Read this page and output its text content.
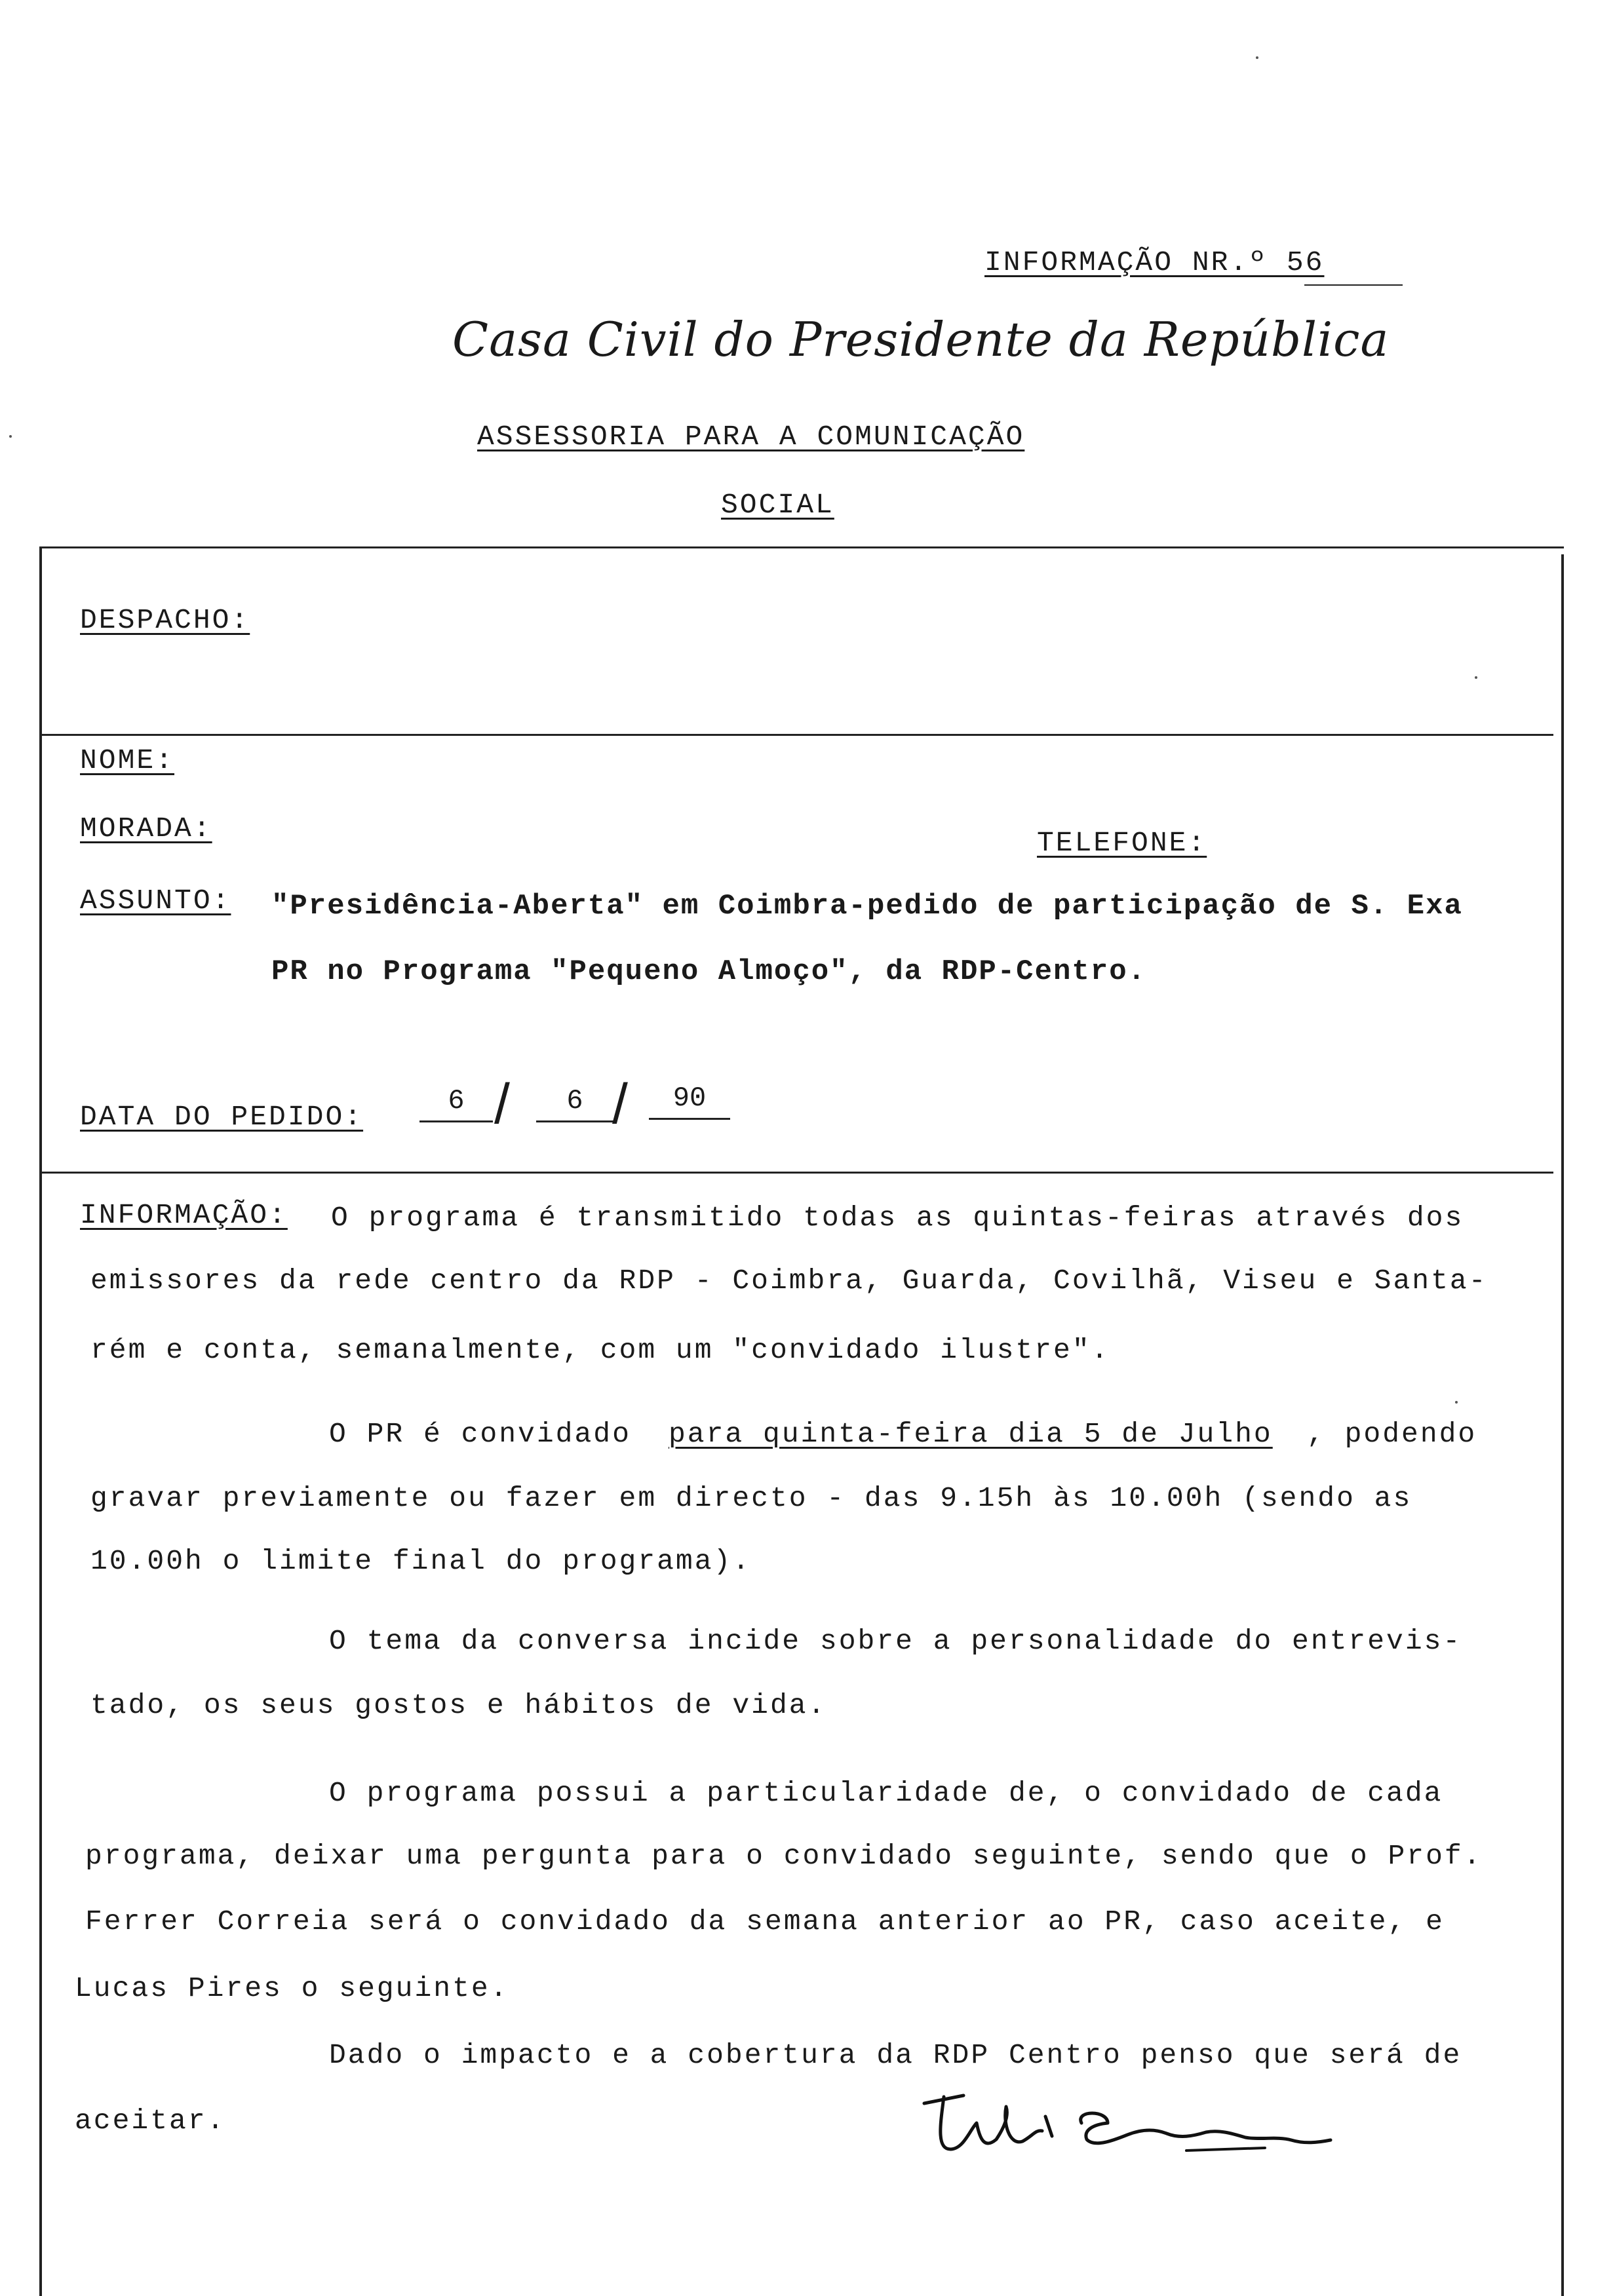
INFORMAÇÃO NR.º 56
Casa Civil do Presidente da República
ASSESSORIA PARA A COMUNICAÇÃO
SOCIAL
DESPACHO:
NOME:
MORADA:	TELEFONE:
ASSUNTO: "Presidência-Aberta" em Coimbra-pedido de participação de S. Exa
PR no Programa "Pequeno Almoço", da RDP-Centro.
DATA DO PEDIDO:	6 /	6 /	90
INFORMAÇÃO: O programa é transmitido todas as quintas-feiras através dos
emissores da rede centro da RDP - Coimbra, Guarda, Covilhã, Viseu e Santa-
rém e conta, semanalmente, com um "convidado ilustre".
O PR é convidado para quinta-feira dia 5 de Julho , podendo
gravar previamente ou fazer em directo - das 9.15h às 10.00h (sendo as
10.00h o limite final do programa).
O tema da conversa incide sobre a personalidade do entrevis-
tado, os seus gostos e hábitos de vida.
O programa possui a particularidade de, o convidado de cada
programa, deixar uma pergunta para o convidado seguinte, sendo que o Prof.
Ferrer Correia será o convidado da semana anterior ao PR, caso aceite, e
Lucas Pires o seguinte.
Dado o impacto e a cobertura da RDP Centro penso que será de
aceitar.
